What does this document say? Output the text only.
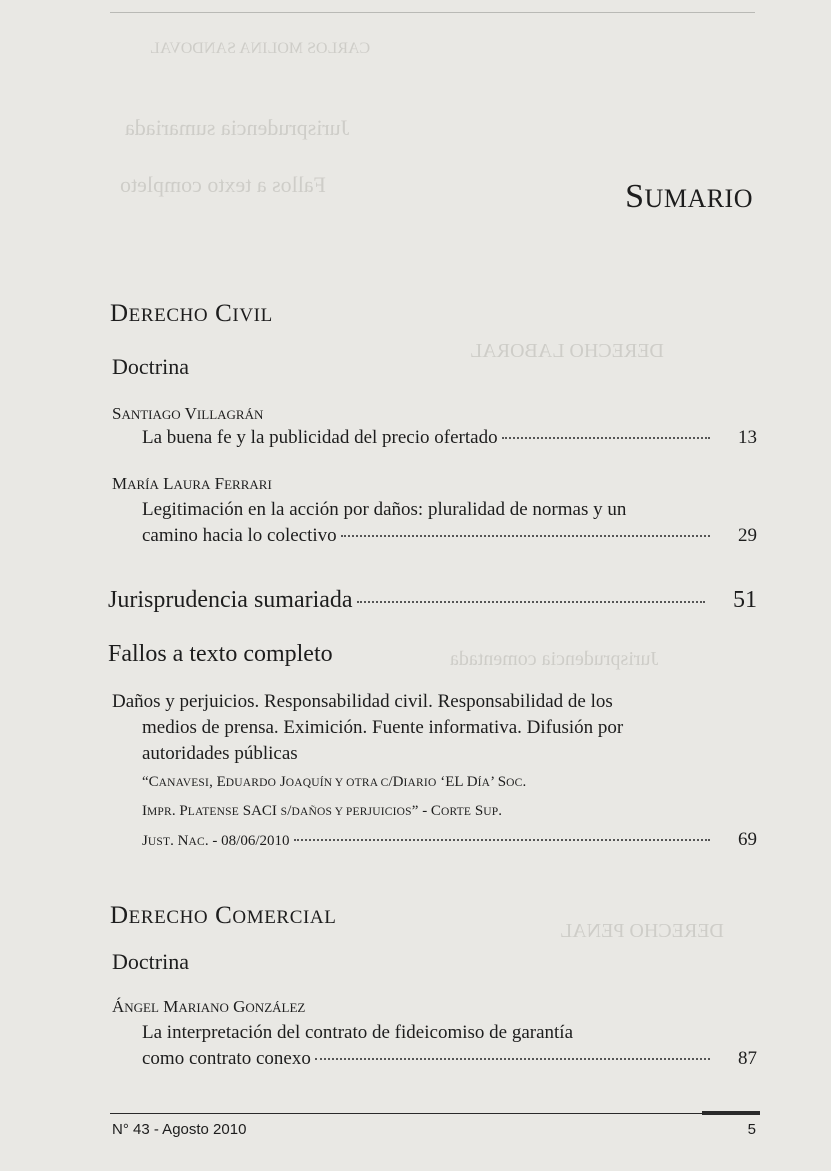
CARLOS MOLINA SANDOVAL
Jurisprudencia sumariada
Fallos a texto completo
DERECHO LABORAL
Jurisprudencia comentada
DERECHO PENAL
SUMARIO
DERECHO CIVIL
Doctrina
SANTIAGO VILLAGRÁN
La buena fe y la publicidad del precio ofertado	13
MARÍA LAURA FERRARI
Legitimación en la acción por daños: pluralidad de normas y un
camino hacia lo colectivo	29
Jurisprudencia sumariada	51
Fallos a texto completo
Daños y perjuicios. Responsabilidad civil. Responsabilidad de los
medios de prensa. Eximición. Fuente informativa. Difusión por
autoridades públicas
“CANAVESI, EDUARDO JOAQUÍN Y OTRA C/DIARIO ‘EL DÍA’ SOC.
IMPR. PLATENSE SACI S/DAÑOS Y PERJUICIOS” - CORTE SUP.
JUST. NAC. - 08/06/2010	69
DERECHO COMERCIAL
Doctrina
ÁNGEL MARIANO GONZÁLEZ
La interpretación del contrato de fideicomiso de garantía
como contrato conexo	87
N° 43 - Agosto 2010	5
